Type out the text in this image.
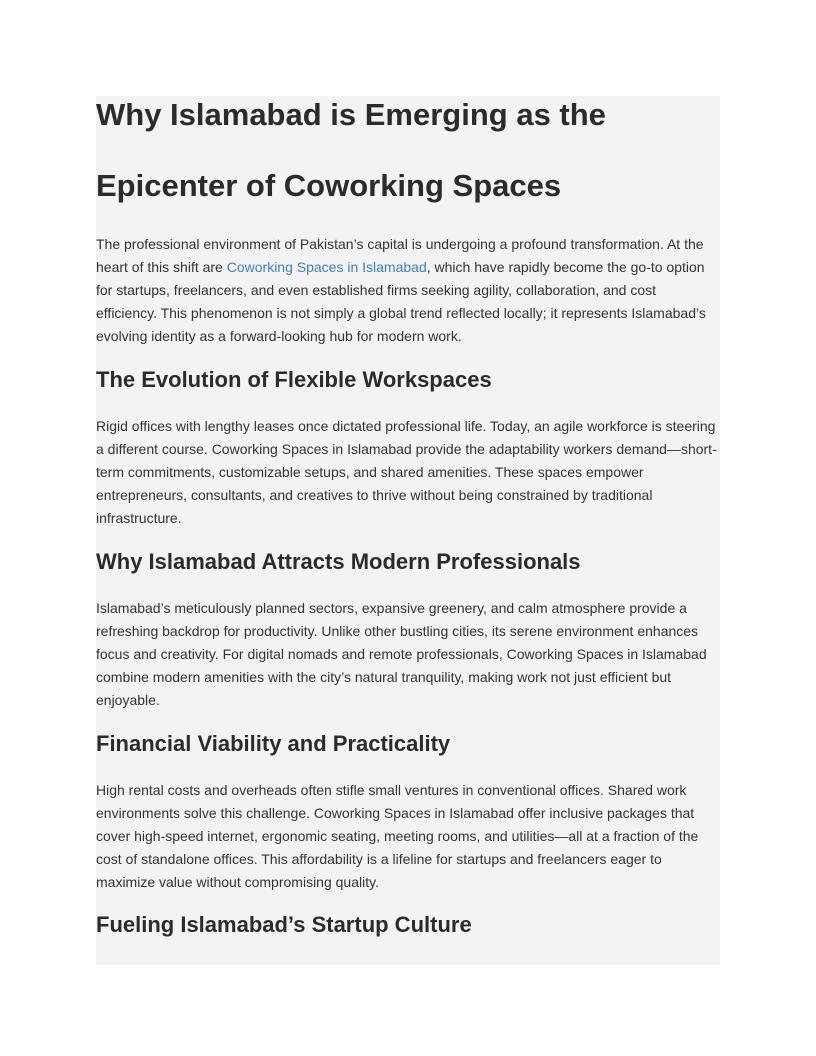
Why Islamabad is Emerging as the Epicenter of Coworking Spaces

The professional environment of Pakistan’s capital is undergoing a profound transformation. At the heart of this shift are Coworking Spaces in Islamabad, which have rapidly become the go-to option for startups, freelancers, and even established firms seeking agility, collaboration, and cost efficiency. This phenomenon is not simply a global trend reflected locally; it represents Islamabad’s evolving identity as a forward-looking hub for modern work.

The Evolution of Flexible Workspaces

Rigid offices with lengthy leases once dictated professional life. Today, an agile workforce is steering a different course. Coworking Spaces in Islamabad provide the adaptability workers demand—short-term commitments, customizable setups, and shared amenities. These spaces empower entrepreneurs, consultants, and creatives to thrive without being constrained by traditional infrastructure.

Why Islamabad Attracts Modern Professionals

Islamabad’s meticulously planned sectors, expansive greenery, and calm atmosphere provide a refreshing backdrop for productivity. Unlike other bustling cities, its serene environment enhances focus and creativity. For digital nomads and remote professionals, Coworking Spaces in Islamabad combine modern amenities with the city’s natural tranquility, making work not just efficient but enjoyable.

Financial Viability and Practicality

High rental costs and overheads often stifle small ventures in conventional offices. Shared work environments solve this challenge. Coworking Spaces in Islamabad offer inclusive packages that cover high-speed internet, ergonomic seating, meeting rooms, and utilities—all at a fraction of the cost of standalone offices. This affordability is a lifeline for startups and freelancers eager to maximize value without compromising quality.

Fueling Islamabad’s Startup Culture
